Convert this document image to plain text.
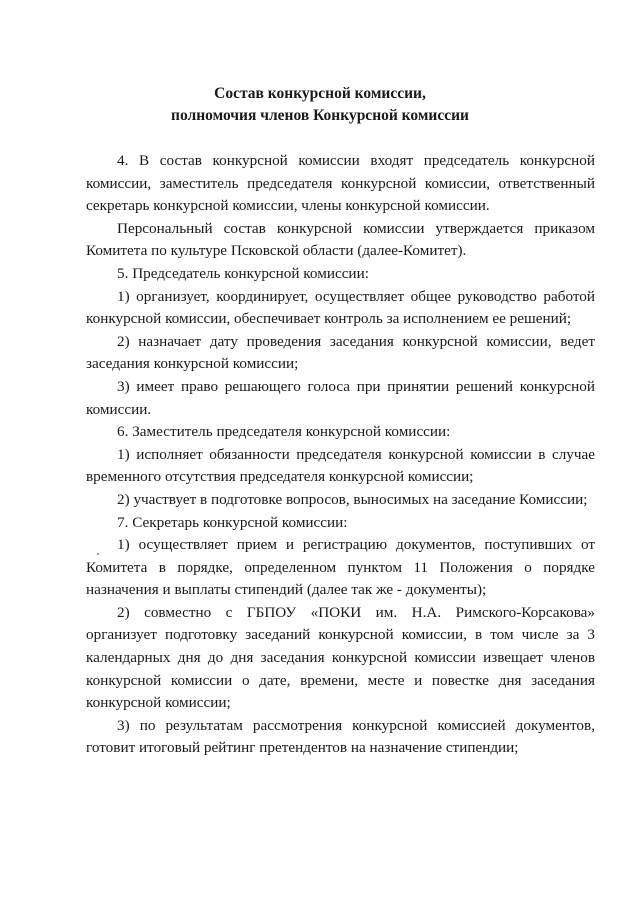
Состав конкурсной комиссии,
полномочия членов Конкурсной комиссии

4. В состав конкурсной комиссии входят председатель конкурсной комиссии, заместитель председателя конкурсной комиссии, ответственный секретарь конкурсной комиссии, члены конкурсной комиссии.

Персональный состав конкурсной комиссии утверждается приказом Комитета по культуре Псковской области (далее-Комитет).

5. Председатель конкурсной комиссии:

1) организует, координирует, осуществляет общее руководство работой конкурсной комиссии, обеспечивает контроль за исполнением ее решений;

2) назначает дату проведения заседания конкурсной комиссии, ведет заседания конкурсной комиссии;

3) имеет право решающего голоса при принятии решений конкурсной комиссии.

6. Заместитель председателя конкурсной комиссии:

1) исполняет обязанности председателя конкурсной комиссии в случае временного отсутствия председателя конкурсной комиссии;

2) участвует в подготовке вопросов, выносимых на заседание Комиссии;

7. Секретарь конкурсной комиссии:

1) осуществляет прием и регистрацию документов, поступивших от Комитета в порядке, определенном пунктом 11 Положения о порядке назначения и выплаты стипендий (далее так же - документы);

2) совместно с ГБПОУ «ПОКИ им. Н.А. Римского-Корсакова» организует подготовку заседаний конкурсной комиссии, в том числе за 3 календарных дня до дня заседания конкурсной комиссии извещает членов конкурсной комиссии о дате, времени, месте и повестке дня заседания конкурсной комиссии;

3) по результатам рассмотрения конкурсной комиссией документов, готовит итоговый рейтинг претендентов на назначение стипендии;
